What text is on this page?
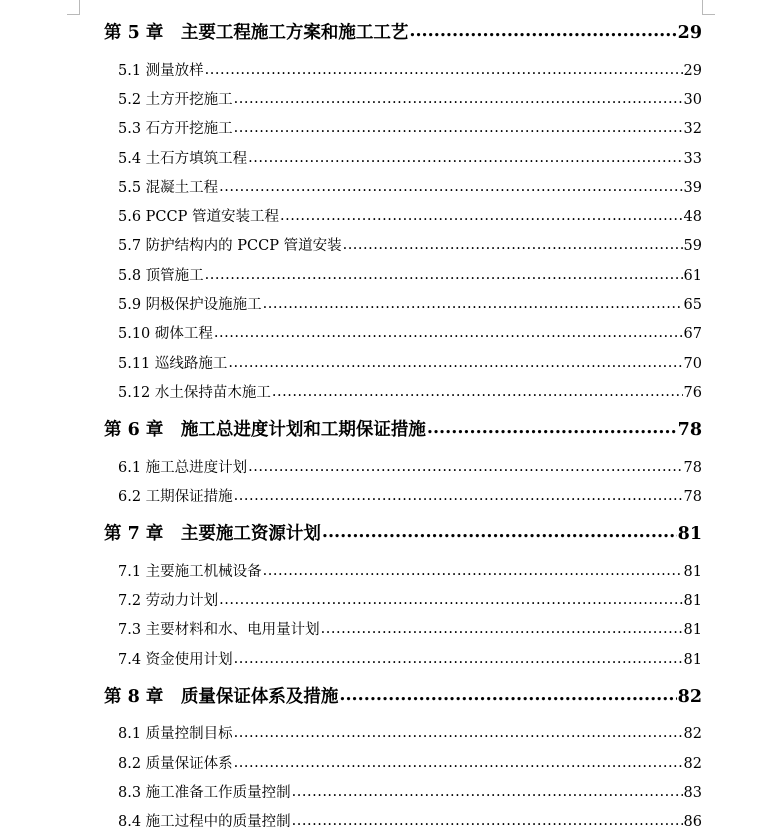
第 5 章　主要工程施工方案和施工工艺 .....	29
5.1 测量放样 .....	29
5.2 土方开挖施工 .....	30
5.3 石方开挖施工 .....	32
5.4 土石方填筑工程 .....	33
5.5 混凝土工程 .....	39
5.6 PCCP 管道安装工程 .....	48
5.7 防护结构内的 PCCP 管道安装 .....	59
5.8 顶管施工 .....	61
5.9 阴极保护设施施工 .....	65
5.10 砌体工程 .....	67
5.11 巡线路施工 .....	70
5.12 水土保持苗木施工 .....	76
第 6 章　施工总进度计划和工期保证措施 .....	78
6.1 施工总进度计划 .....	78
6.2 工期保证措施 .....	78
第 7 章　主要施工资源计划 .....	81
7.1 主要施工机械设备 .....	81
7.2 劳动力计划 .....	81
7.3 主要材料和水、电用量计划 .....	81
7.4 资金使用计划 .....	81
第 8 章　质量保证体系及措施 .....	82
8.1 质量控制目标 .....	82
8.2 质量保证体系 .....	82
8.3 施工准备工作质量控制 .....	83
8.4 施工过程中的质量控制 .....	86
